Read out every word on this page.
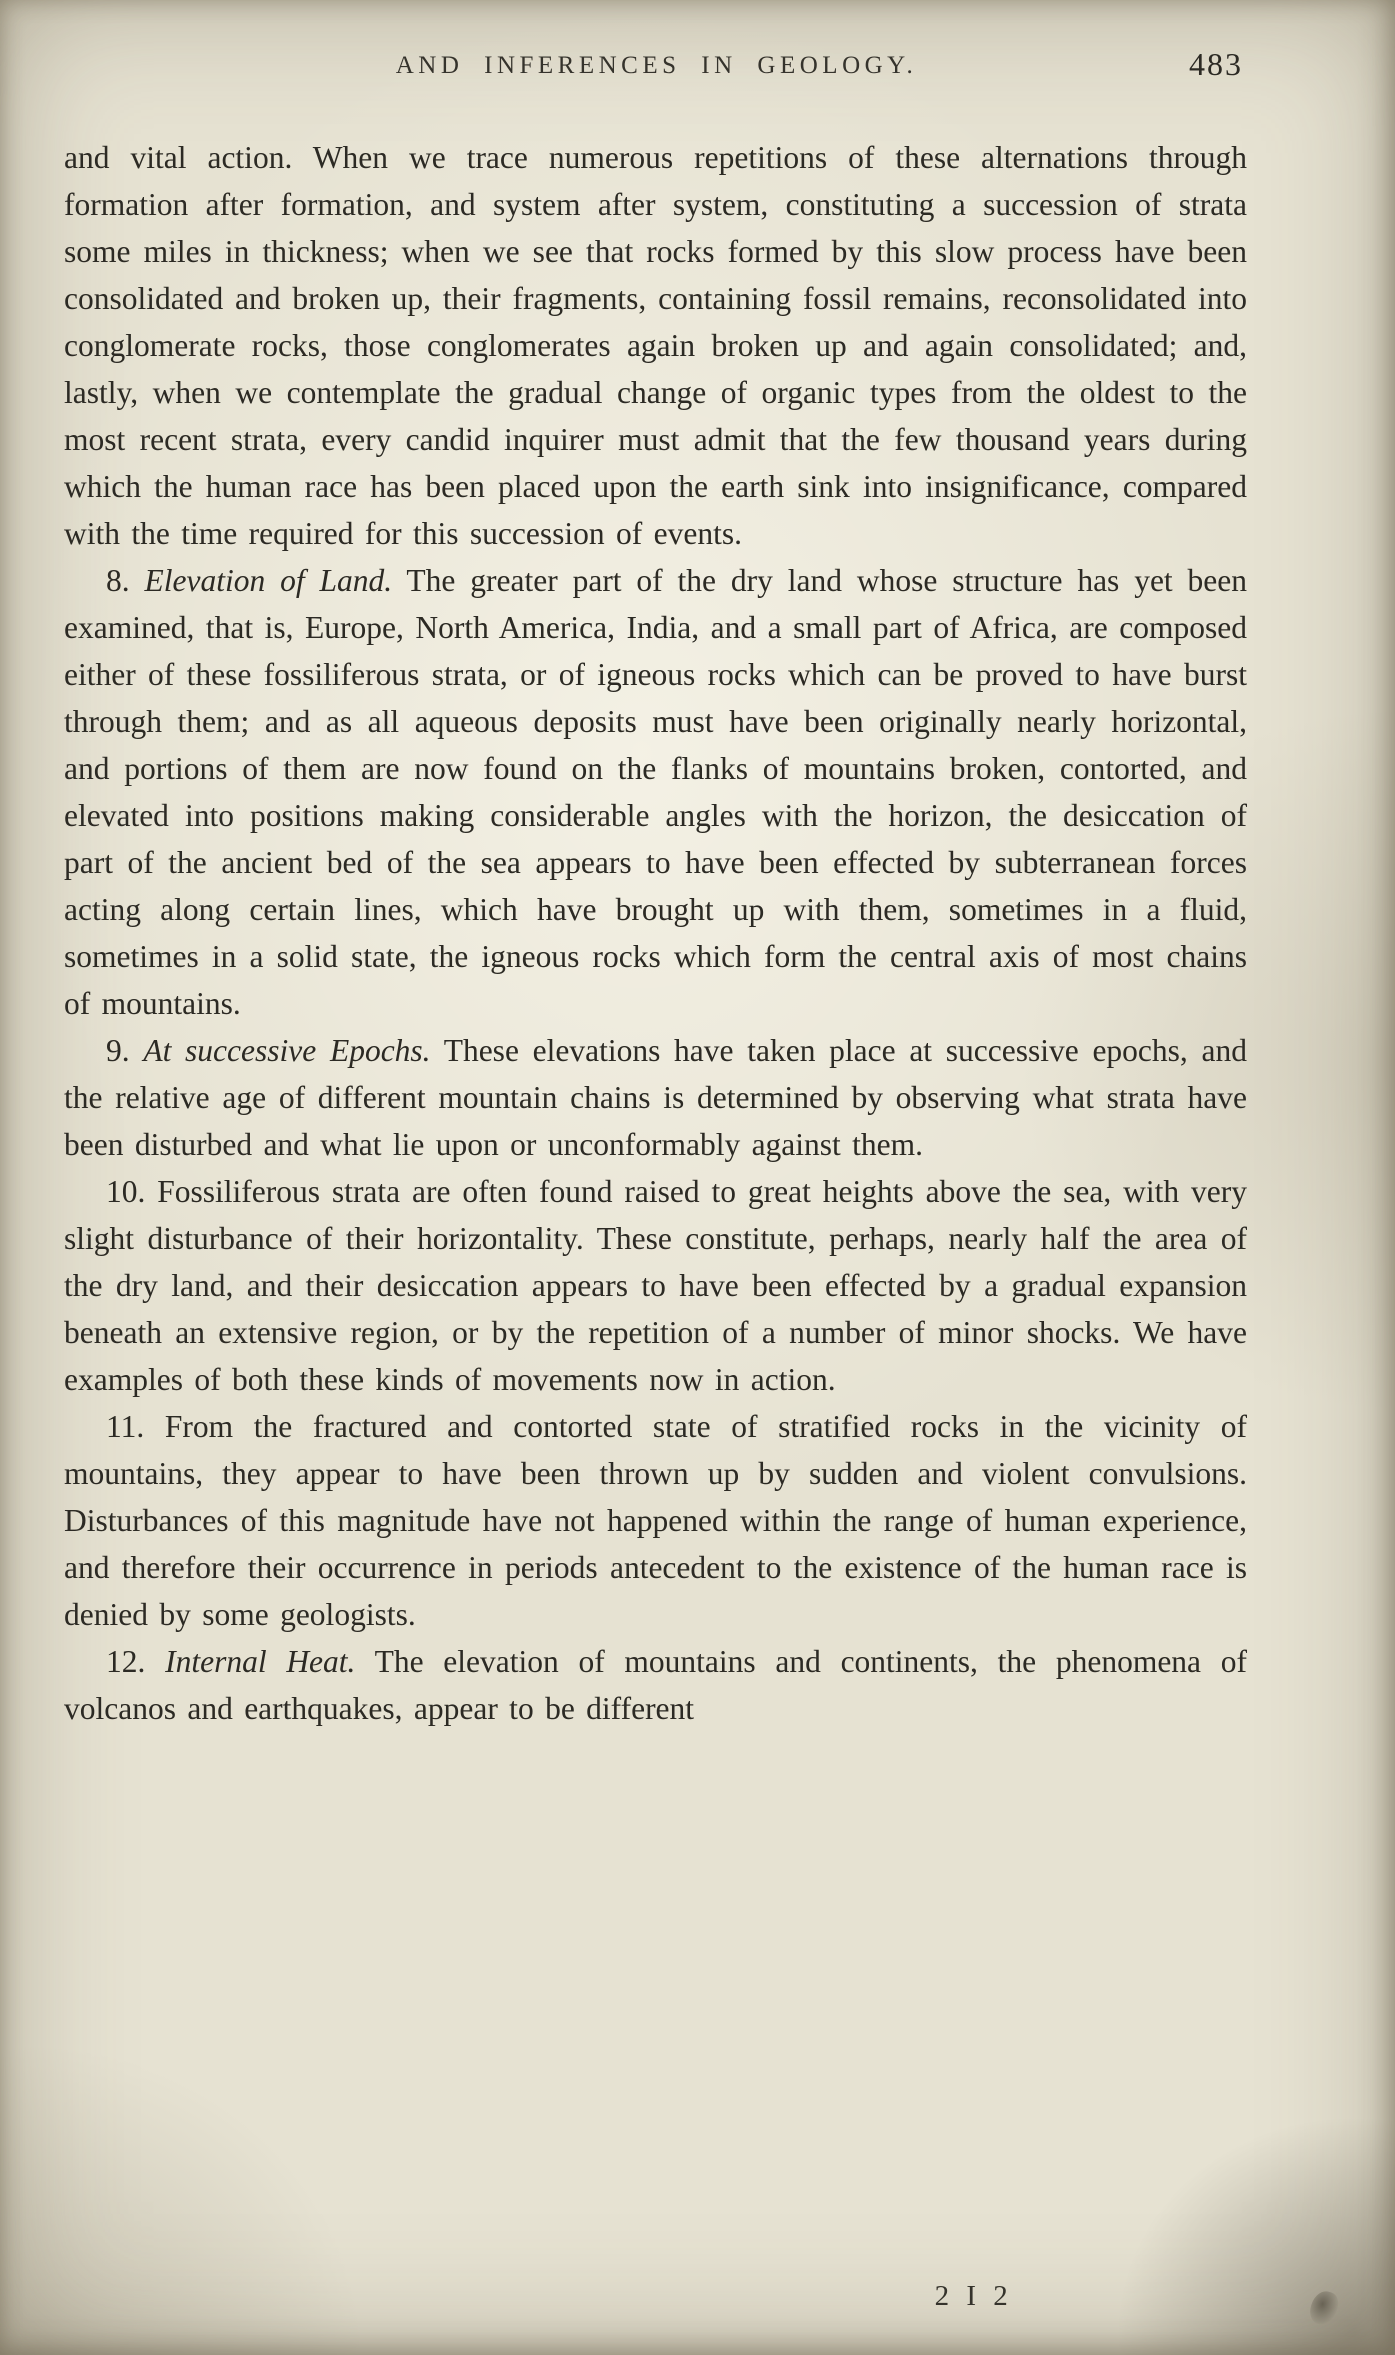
AND INFERENCES IN GEOLOGY.	483

and vital action. When we trace numerous repetitions of these alternations through formation after formation, and system after system, constituting a succession of strata some miles in thickness; when we see that rocks formed by this slow process have been consolidated and broken up, their fragments, containing fossil remains, reconsolidated into conglomerate rocks, those conglomerates again broken up and again consolidated; and, lastly, when we contemplate the gradual change of organic types from the oldest to the most recent strata, every candid inquirer must admit that the few thousand years during which the human race has been placed upon the earth sink into insignificance, compared with the time required for this succession of events.

8. Elevation of Land. The greater part of the dry land whose structure has yet been examined, that is, Europe, North America, India, and a small part of Africa, are composed either of these fossiliferous strata, or of igneous rocks which can be proved to have burst through them; and as all aqueous deposits must have been originally nearly horizontal, and portions of them are now found on the flanks of mountains broken, contorted, and elevated into positions making considerable angles with the horizon, the desiccation of part of the ancient bed of the sea appears to have been effected by subterranean forces acting along certain lines, which have brought up with them, sometimes in a fluid, sometimes in a solid state, the igneous rocks which form the central axis of most chains of mountains.

9. At successive Epochs. These elevations have taken place at successive epochs, and the relative age of different mountain chains is determined by observing what strata have been disturbed and what lie upon or unconformably against them.

10. Fossiliferous strata are often found raised to great heights above the sea, with very slight disturbance of their horizontality. These constitute, perhaps, nearly half the area of the dry land, and their desiccation appears to have been effected by a gradual expansion beneath an extensive region, or by the repetition of a number of minor shocks. We have examples of both these kinds of movements now in action.

11. From the fractured and contorted state of stratified rocks in the vicinity of mountains, they appear to have been thrown up by sudden and violent convulsions. Disturbances of this magnitude have not happened within the range of human experience, and therefore their occurrence in periods antecedent to the existence of the human race is denied by some geologists.

12. Internal Heat. The elevation of mountains and continents, the phenomena of volcanos and earthquakes, appear to be different

2 I 2
